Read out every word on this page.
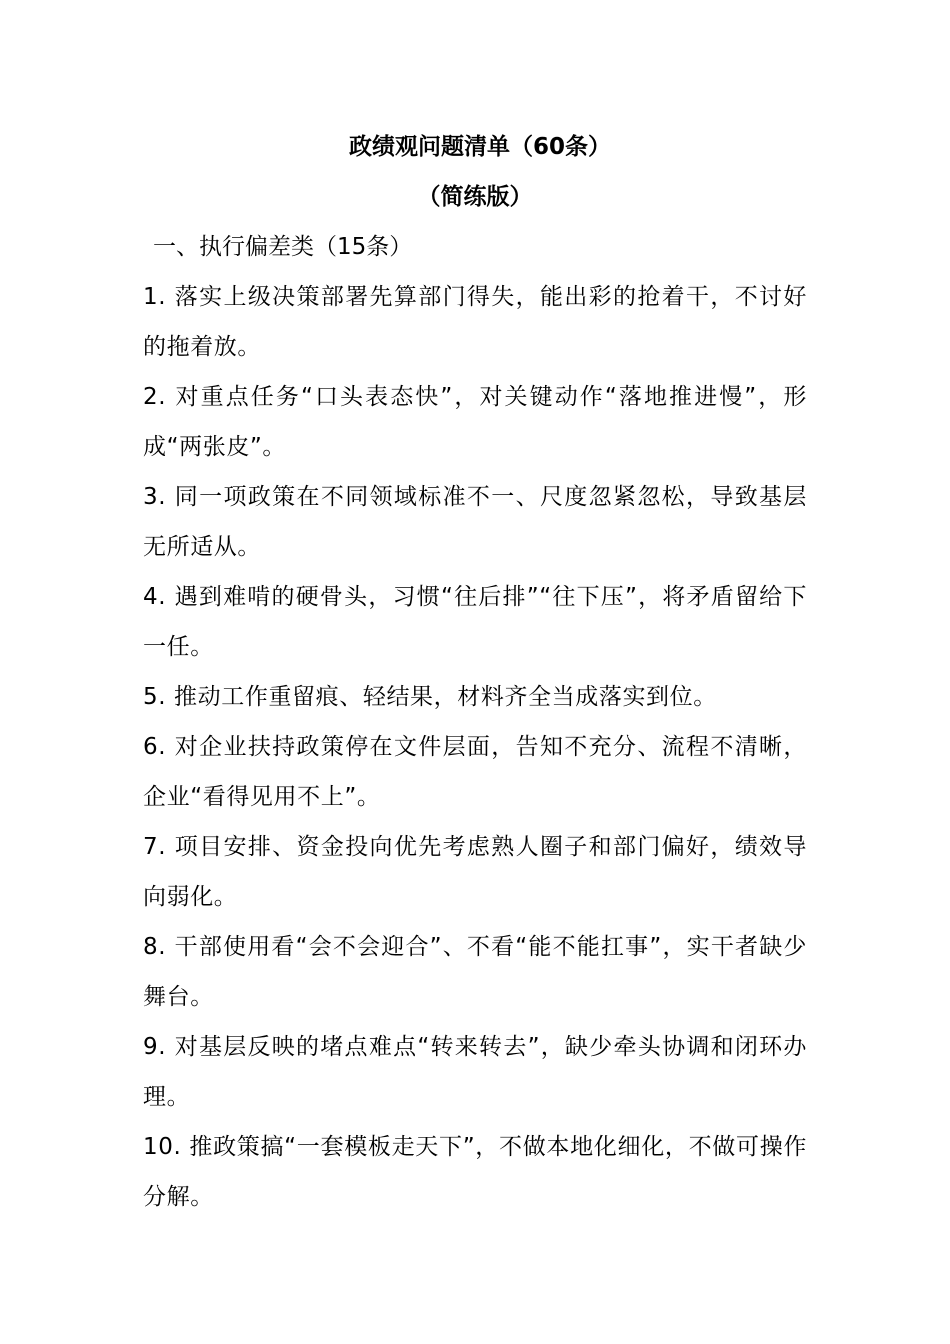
政绩观问题清单（60条）
（简练版）
一、执行偏差类（15条）

1. 落实上级决策部署先算部门得失，能出彩的抢着干，不讨好的拖着放。

2. 对重点任务“口头表态快”，对关键动作“落地推进慢”，形成“两张皮”。

3. 同一项政策在不同领域标准不一、尺度忽紧忽松，导致基层无所适从。

4. 遇到难啃的硬骨头，习惯“往后排”“往下压”，将矛盾留给下一任。

5. 推动工作重留痕、轻结果，材料齐全当成落实到位。

6. 对企业扶持政策停在文件层面，告知不充分、流程不清晰，企业“看得见用不上”。

7. 项目安排、资金投向优先考虑熟人圈子和部门偏好，绩效导向弱化。

8. 干部使用看“会不会迎合”、不看“能不能扛事”，实干者缺少舞台。

9. 对基层反映的堵点难点“转来转去”，缺少牵头协调和闭环办理。

10. 推政策搞“一套模板走天下”，不做本地化细化，不做可操作分解。
